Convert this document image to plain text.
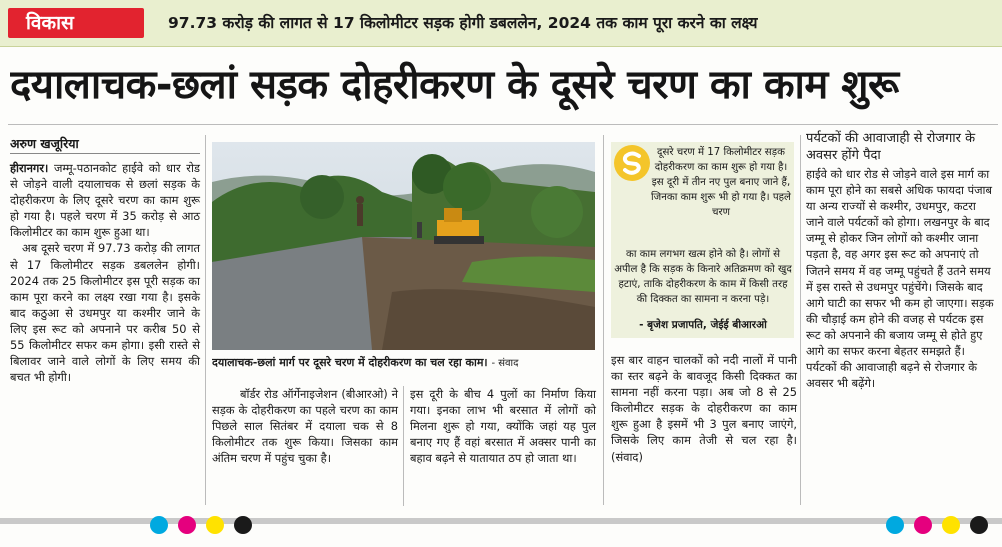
विकास	97.73 करोड़ की लागत से 17 किलोमीटर सड़क होगी डबललेन, 2024 तक काम पूरा करने का लक्ष्य
दयालाचक-छलां सड़क दोहरीकरण के दूसरे चरण का काम शुरू
अरुण खजूरिया

हीरानगर। जम्मू-पठानकोट हाईवे को धार रोड से जोड़ने वाली दयालाचक से छलां सड़क के दोहरीकरण के लिए दूसरे चरण का काम शुरू हो गया है। पहले चरण में 35 करोड़ से आठ किलोमीटर का काम शुरू हुआ था।

अब दूसरे चरण में 97.73 करोड़ की लागत से 17 किलोमीटर सड़क डबललेन होगी। 2024 तक 25 किलोमीटर इस पूरी सड़क का काम पूरा करने का लक्ष्य रखा गया है। इसके बाद कठुआ से उधमपुर या कश्मीर जाने के लिए इस रूट को अपनाने पर करीब 50 से 55 किलोमीटर सफर कम होगा। इसी रास्ते से बिलावर जाने वाले लोगों के लिए समय की बचत भी होगी।

दयालाचक-छलां मार्ग पर दूसरे चरण में दोहरीकरण का चल रहा काम। - संवाद

बॉर्डर रोड ऑर्गेनाइजेशन (बीआरओ) ने सड़क के दोहरीकरण का पहले चरण का काम पिछले साल सितंबर में दयाला चक से 8 किलोमीटर तक शुरू किया। जिसका काम अंतिम चरण में पहुंच चुका है।

इस दूरी के बीच 4 पुलों का निर्माण किया गया। इनका लाभ भी बरसात में लोगों को मिलना शुरू हो गया, क्योंकि जहां यह पुल बनाए गए हैं वहां बरसात में अक्सर पानी का बहाव बढ़ने से यातायात ठप हो जाता था।

दूसरे चरण में 17 किलोमीटर सड़क दोहरीकरण का काम शुरू हो गया है। इस दूरी में तीन नए पुल बनाए जाने हैं, जिनका काम शुरू भी हो गया है। पहले चरण
का काम लगभग खत्म होने को है। लोगों से अपील है कि सड़क के किनारे अतिक्रमण को खुद हटाएं, ताकि दोहरीकरण के काम में किसी तरह की दिक्कत का सामना न करना पड़े।
- बृजेश प्रजापति, जेईई बीआरओ

इस बार वाहन चालकों को नदी नालों में पानी का स्तर बढ़ने के बावजूद किसी दिक्कत का सामना नहीं करना पड़ा। अब जो 8 से 25 किलोमीटर सड़क के दोहरीकरण का काम शुरू हुआ है इसमें भी 3 पुल बनाए जाएंगे, जिसके लिए काम तेजी से चल रहा है। (संवाद)

पर्यटकों की आवाजाही से रोजगार के अवसर होंगे पैदा

हाईवे को धार रोड से जोड़ने वाले इस मार्ग का काम पूरा होने का सबसे अधिक फायदा पंजाब या अन्य राज्यों से कश्मीर, उधमपुर, कटरा जाने वाले पर्यटकों को होगा। लखनपुर के बाद जम्मू से होकर जिन लोगों को कश्मीर जाना पड़ता है, वह अगर इस रूट को अपनाएं तो जितने समय में वह जम्मू पहुंचते हैं उतने समय में इस रास्ते से उधमपुर पहुंचेंगे। जिसके बाद आगे घाटी का सफर भी कम हो जाएगा। सड़क की चौड़ाई कम होने की वजह से पर्यटक इस रूट को अपनाने की बजाय जम्मू से होते हुए आगे का सफर करना बेहतर समझते हैं। पर्यटकों की आवाजाही बढ़ने से रोजगार के अवसर भी बढ़ेंगे।
